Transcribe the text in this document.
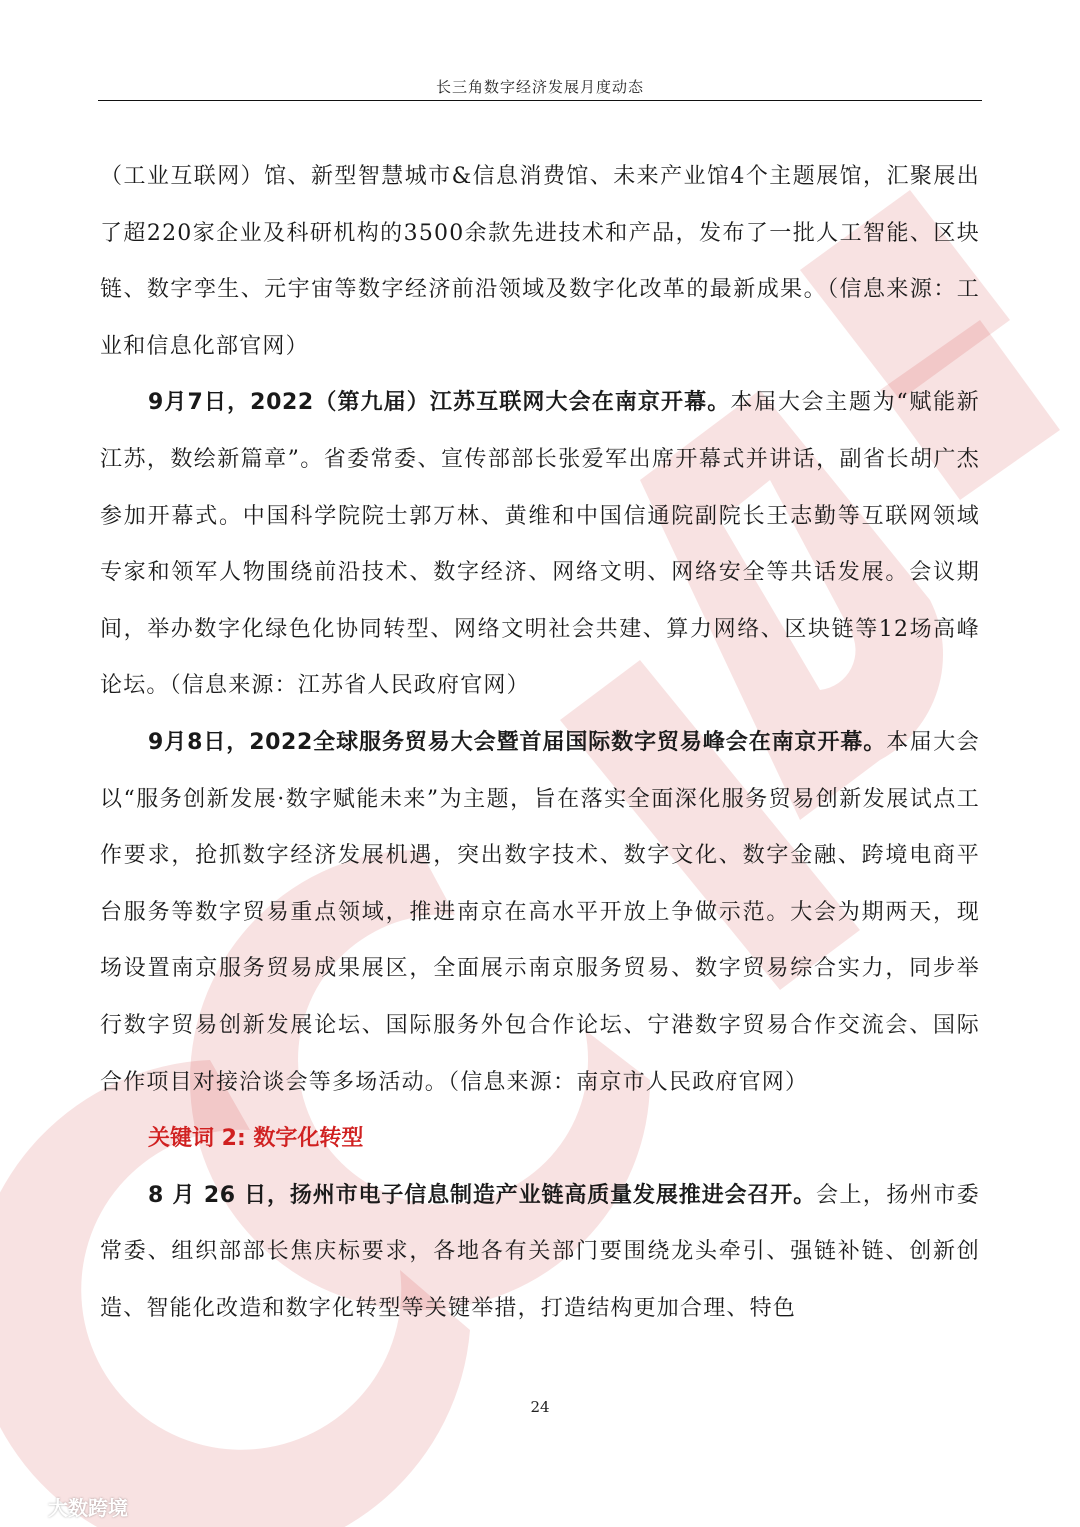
长三角数字经济发展月度动态

（工业互联网）馆、新型智慧城市&信息消费馆、未来产业馆4个主题展馆，汇聚展出了超220家企业及科研机构的3500余款先进技术和产品，发布了一批人工智能、区块链、数字孪生、元宇宙等数字经济前沿领域及数字化改革的最新成果。（信息来源：工业和信息化部官网）

9月7日，2022（第九届）江苏互联网大会在南京开幕。本届大会主题为“赋能新江苏，数绘新篇章”。省委常委、宣传部部长张爱军出席开幕式并讲话，副省长胡广杰参加开幕式。中国科学院院士郭万林、黄维和中国信通院副院长王志勤等互联网领域专家和领军人物围绕前沿技术、数字经济、网络文明、网络安全等共话发展。会议期间，举办数字化绿色化协同转型、网络文明社会共建、算力网络、区块链等12场高峰论坛。（信息来源：江苏省人民政府官网）

9月8日，2022全球服务贸易大会暨首届国际数字贸易峰会在南京开幕。本届大会以“服务创新发展·数字赋能未来”为主题，旨在落实全面深化服务贸易创新发展试点工作要求，抢抓数字经济发展机遇，突出数字技术、数字文化、数字金融、跨境电商平台服务等数字贸易重点领域，推进南京在高水平开放上争做示范。大会为期两天，现场设置南京服务贸易成果展区，全面展示南京服务贸易、数字贸易综合实力，同步举行数字贸易创新发展论坛、国际服务外包合作论坛、宁港数字贸易合作交流会、国际合作项目对接洽谈会等多场活动。（信息来源：南京市人民政府官网）

关键词 2: 数字化转型

8 月 26 日，扬州市电子信息制造产业链高质量发展推进会召开。会上，扬州市委常委、组织部部长焦庆标要求，各地各有关部门要围绕龙头牵引、强链补链、创新创造、智能化改造和数字化转型等关键举措，打造结构更加合理、特色

24
大数跨境
